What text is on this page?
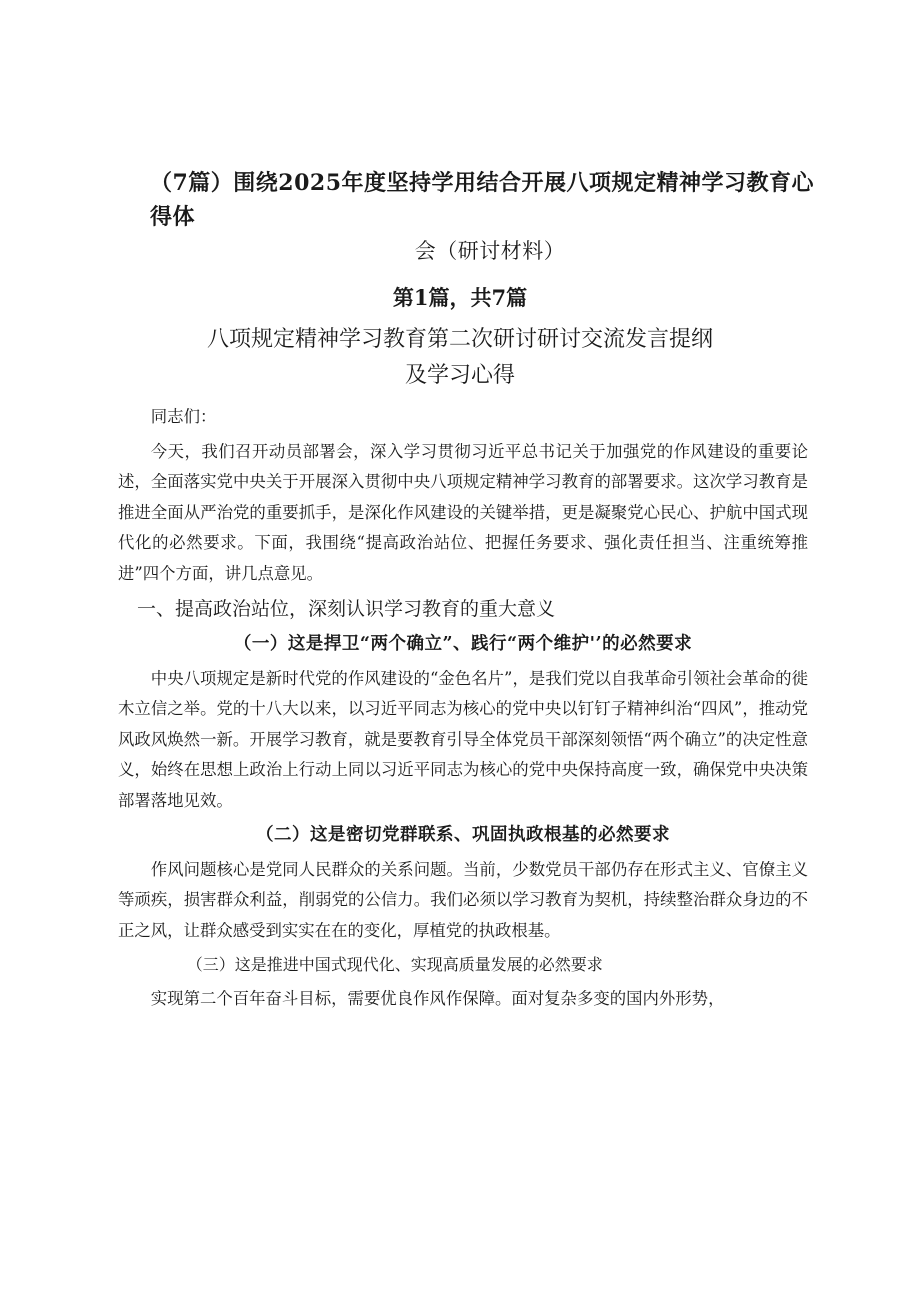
（7篇）围绕2025年度坚持学用结合开展八项规定精神学习教育心得体
会（研讨材料）
第1篇，共7篇
八项规定精神学习教育第二次研讨研讨交流发言提纲
及学习心得

同志们：

今天，我们召开动员部署会，深入学习贯彻习近平总书记关于加强党的作风建设的重要论述，全面落实党中央关于开展深入贯彻中央八项规定精神学习教育的部署要求。这次学习教育是推进全面从严治党的重要抓手，是深化作风建设的关键举措，更是凝聚党心民心、护航中国式现代化的必然要求。下面，我围绕“提高政治站位、把握任务要求、强化责任担当、注重统筹推进”四个方面，讲几点意见。

一、提高政治站位，深刻认识学习教育的重大意义
（一）这是捍卫“两个确立”、践行“两个维护'’的必然要求

中央八项规定是新时代党的作风建设的“金色名片”，是我们党以自我革命引领社会革命的徙木立信之举。党的十八大以来，以习近平同志为核心的党中央以钉钉子精神纠治“四风”，推动党风政风焕然一新。开展学习教育，就是要教育引导全体党员干部深刻领悟“两个确立”的决定性意义，始终在思想上政治上行动上同以习近平同志为核心的党中央保持高度一致，确保党中央决策部署落地见效。

（二）这是密切党群联系、巩固执政根基的必然要求

作风问题核心是党同人民群众的关系问题。当前，少数党员干部仍存在形式主义、官僚主义等顽疾，损害群众利益，削弱党的公信力。我们必须以学习教育为契机，持续整治群众身边的不正之风，让群众感受到实实在在的变化，厚植党的执政根基。

（三）这是推进中国式现代化、实现高质量发展的必然要求

实现第二个百年奋斗目标，需要优良作风作保障。面对复杂多变的国内外形势，
